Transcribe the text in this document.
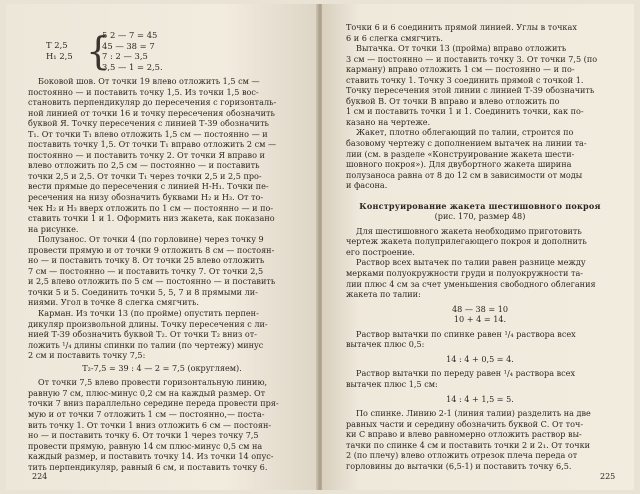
Т 2,5
Н₁ 2,5 {
5 2 — 7 = 45
45 — 38 = 7
7 : 2 — 3,5
3,5 — 1 = 2,5.
Боковой шов. От точки 19 влево отложить 1,5 см —
постоянно — и поставить точку 1,5. Из точки 1,5 вос-
становить перпендикуляр до пересечения с горизонталь-
ной линией от точки 16 и точку пересечения обозначить
буквой Я. Точку пересечения с линией Т-39 обозначить
Т₁. От точки Т₁ влево отложить 1,5 см — постоянно — и
поставить точку 1,5. От точки Т₁ вправо отложить 2 см —
постоянно — и поставить точку 2. От точки Я вправо и
влево отложить по 2,5 см — постоянно — и поставить
точки 2,5 и 2,5. От точки Т₁ через точки 2,5 и 2,5 про-
вести прямые до пересечения с линией Н-Н₁. Точки пе-
ресечения на низу обозначить буквами Н₂ и Н₃. От то-
чек Н₂ и Н₃ вверх отложить по 1 см — постоянно — и по-
ставить точки 1 и 1. Оформить низ жакета, как показано
на рисунке.
Полузанос. От точки 4 (по горловине) через точку 9
провести прямую и от точки 9 отложить 8 см — постоян-
но — и поставить точку 8. От точки 25 влево отложить
7 см — постоянно — и поставить точку 7. От точки 2,5
и 2,5 влево отложить по 5 см — постоянно — и поставить
точки 5 и 5. Соединить точки 5, 5, 7 и 8 прямыми ли-
ниями. Угол в точке 8 слегка смягчить.
Карман. Из точки 13 (по пройме) опустить перпен-
дикуляр произвольной длины. Точку пересечения с ли-
нией Т-39 обозначить буквой Т₂. От точки Т₂ вниз от-
ложить ¹/₄ длины спинки по талии (по чертежу) минус
2 см и поставить точку 7,5:
Т₂-7,5 = 39 : 4 — 2 = 7,5 (округляем).
От точки 7,5 влево провести горизонтальную линию,
равную 7 см, плюс-минус 0,2 см на каждый размер. От
точки 7 вниз параллельно середине переда провести пря-
мую и от точки 7 отложить 1 см — постоянно,— поста-
вить точку 1. От точки 1 вниз отложить 6 см — постоян-
но — и поставить точку 6. От точки 1 через точку 7,5
провести прямую, равную 14 см плюс-минус 0,5 см на
каждый размер, и поставить точку 14. Из точки 14 опус-
тить перпендикуляр, равный 6 см, и поставить точку 6.
224
Точки 6 и 6 соединить прямой линией. Углы в точках
6 и 6 слегка смягчить.
Вытачка. От точки 13 (пройма) вправо отложить
3 см — постоянно — и поставить точку 3. От точки 7,5 (по
карману) вправо отложить 1 см — постоянно — и по-
ставить точку 1. Точку 3 соединить прямой с точкой 1.
Точку пересечения этой линии с линией Т-39 обозначить
буквой В. От точки В вправо и влево отложить по
1 см и поставить точки 1 и 1. Соединить точки, как по-
казано на чертеже.
Жакет, плотно облегающий по талии, строится по
базовому чертежу с дополнением вытачек на линии та-
лии (см. в разделе «Конструирование жакета шести-
шовного покроя»). Для двубортного жакета ширина
полузаноса равна от 8 до 12 см в зависимости от моды
и фасона.
Конструирование жакета шестишовного покроя
(рис. 170, размер 48)
Для шестишовного жакета необходимо приготовить
чертеж жакета полуприлегающего покроя и дополнить
его построение.
Раствор всех вытачек по талии равен разнице между
мерками полуокружности груди и полуокружности та-
лии плюс 4 см за счет уменьшения свободного облегания
жакета по талии:
48 — 38 = 10
10 + 4 = 14.
Раствор вытачки по спинке равен ¹/₄ раствора всех
вытачек плюс 0,5:
14 : 4 + 0,5 = 4.
Раствор вытачки по переду равен ¹/₄ раствора всех
вытачек плюс 1,5 см:
14 : 4 + 1,5 = 5.
По спинке. Линию 2-1 (линия талии) разделить на две
равных части и середину обозначить буквой С. От точ-
ки С вправо и влево равномерно отложить раствор вы-
тачки по спинке 4 см и поставить точки 2 и 2₁. От точки
2 (по плечу) влево отложить отрезок плеча переда от
горловины до вытачки (6,5-1) и поставить точку 6,5.
225
